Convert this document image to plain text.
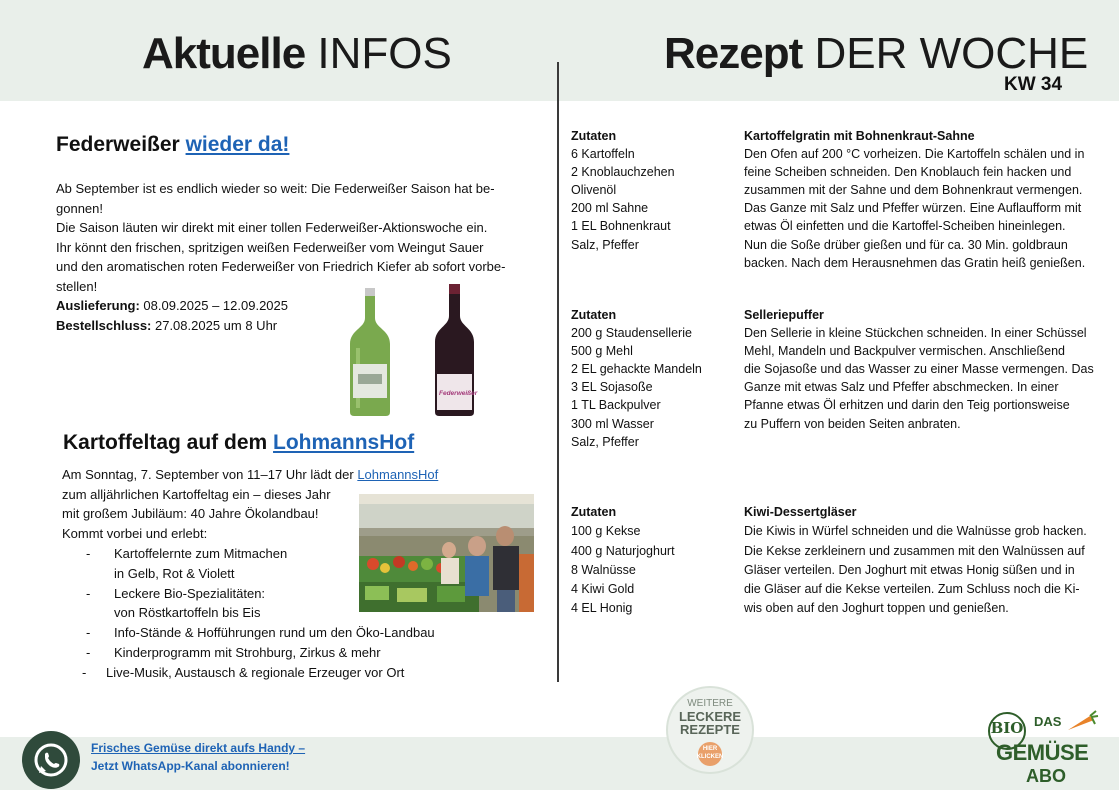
Aktuelle INFOS	Rezept DER WOCHE
KW 34
Federweißer wieder da!

Ab September ist es endlich wieder so weit: Die Federweißer Saison hat be-

gonnen!

Die Saison läuten wir direkt mit einer tollen Federweißer-Aktionswoche ein.

Ihr könnt den frischen, spritzigen weißen Federweißer vom Weingut Sauer

und den aromatischen roten Federweißer von Friedrich Kiefer ab sofort vorbe-

stellen!

Auslieferung: 08.09.2025 – 12.09.2025

Bestellschluss: 27.08.2025 um 8 Uhr

Federweißer
Kartoffeltag auf dem LohmannsHof

Am Sonntag, 7. September von 11–17 Uhr lädt der LohmannsHof

zum alljährlichen Kartoffeltag ein – dieses Jahr

mit großem Jubiläum: 40 Jahre Ökolandbau!

Kommt vorbei und erlebt:

- Kartoffelernte zum Mitmachen
in Gelb, Rot & Violett
- Leckere Bio-Spezialitäten:
von Röstkartoffeln bis Eis
- Info-Stände & Hofführungen rund um den Öko-Landbau
- Kinderprogramm mit Strohburg, Zirkus & mehr
- Live-Musik, Austausch & regionale Erzeuger vor Ort
Zutaten
6 Kartoffeln
2 Knoblauchzehen
Olivenöl
200 ml Sahne
1 EL Bohnenkraut
Salz, Pfeffer
Kartoffelgratin mit Bohnenkraut-Sahne
Den Ofen auf 200 °C vorheizen. Die Kartoffeln schälen und in
feine Scheiben schneiden. Den Knoblauch fein hacken und
zusammen mit der Sahne und dem Bohnenkraut vermengen.
Das Ganze mit Salz und Pfeffer würzen. Eine Auflaufform mit
etwas Öl einfetten und die Kartoffel-Scheiben hineinlegen.
Nun die Soße drüber gießen und für ca. 30 Min. goldbraun
backen. Nach dem Herausnehmen das Gratin heiß genießen.
Zutaten
200 g Staudensellerie
500 g Mehl
2 EL gehackte Mandeln
3 EL Sojasoße
1 TL Backpulver
300 ml Wasser
Salz, Pfeffer
Selleriepuffer
Den Sellerie in kleine Stückchen schneiden. In einer Schüssel
Mehl, Mandeln und Backpulver vermischen. Anschließend
die Sojasoße und das Wasser zu einer Masse vermengen. Das
Ganze mit etwas Salz und Pfeffer abschmecken. In einer
Pfanne etwas Öl erhitzen und darin den Teig portionsweise
zu Puffern von beiden Seiten anbraten.
Zutaten
100 g Kekse
400 g Naturjoghurt
8 Walnüsse
4 Kiwi Gold
4 EL Honig
Kiwi-Dessertgläser
Die Kiwis in Würfel schneiden und die Walnüsse grob hacken.
Die Kekse zerkleinern und zusammen mit den Walnüssen auf
Gläser verteilen. Den Joghurt mit etwas Honig süßen und in
die Gläser auf die Kekse verteilen. Zum Schluss noch die Ki-
wis oben auf den Joghurt toppen und genießen.
Frisches Gemüse direkt aufs Handy –
Jetzt WhatsApp-Kanal abonnieren!
WEITERE
LECKERE
REZEPTE
HIER
KLICKEN
BIO DAS
GEMÜSE
ABO
